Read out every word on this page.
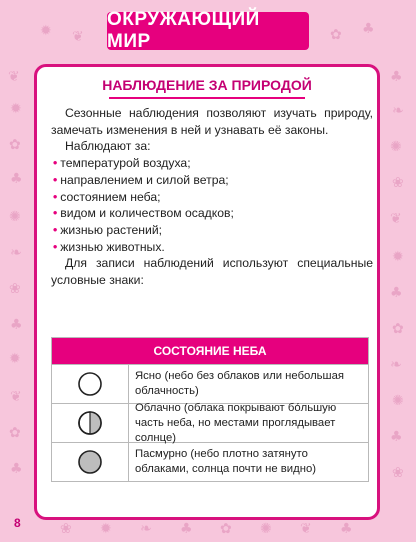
❦
✹
✿
♣
✺
❧
❀
♣
✹
❦
✿
♣
♣
❧
✺
❀
❦
✹
♣
✿
❧
✺
♣
❀
✹ ❦	✿ ♣
❀ ✹ ❧ ♣ ✿ ✺ ❦ ♣
ОКРУЖАЮЩИЙ МИР
НАБЛЮДЕНИЕ ЗА ПРИРОДОЙ

Сезонные наблюдения позволяют изучать природу, замечать изменения в ней и узнавать её законы.

Наблюдают за:

• температурой воздуха;
• направлением и силой ветра;
• состоянием неба;
• видом и количеством осадков;
• жизнью растений;
• жизнью животных.

Для записи наблюдений используют специальные условные знаки:

СОСТОЯНИЕ НЕБА
Ясно (небо без облаков или небольшая облачность)
Облачно (облака покрывают бо́льшую часть неба, но местами проглядывает солнце)
Пасмурно (небо плотно затянуто облаками, солнца почти не видно)
8
